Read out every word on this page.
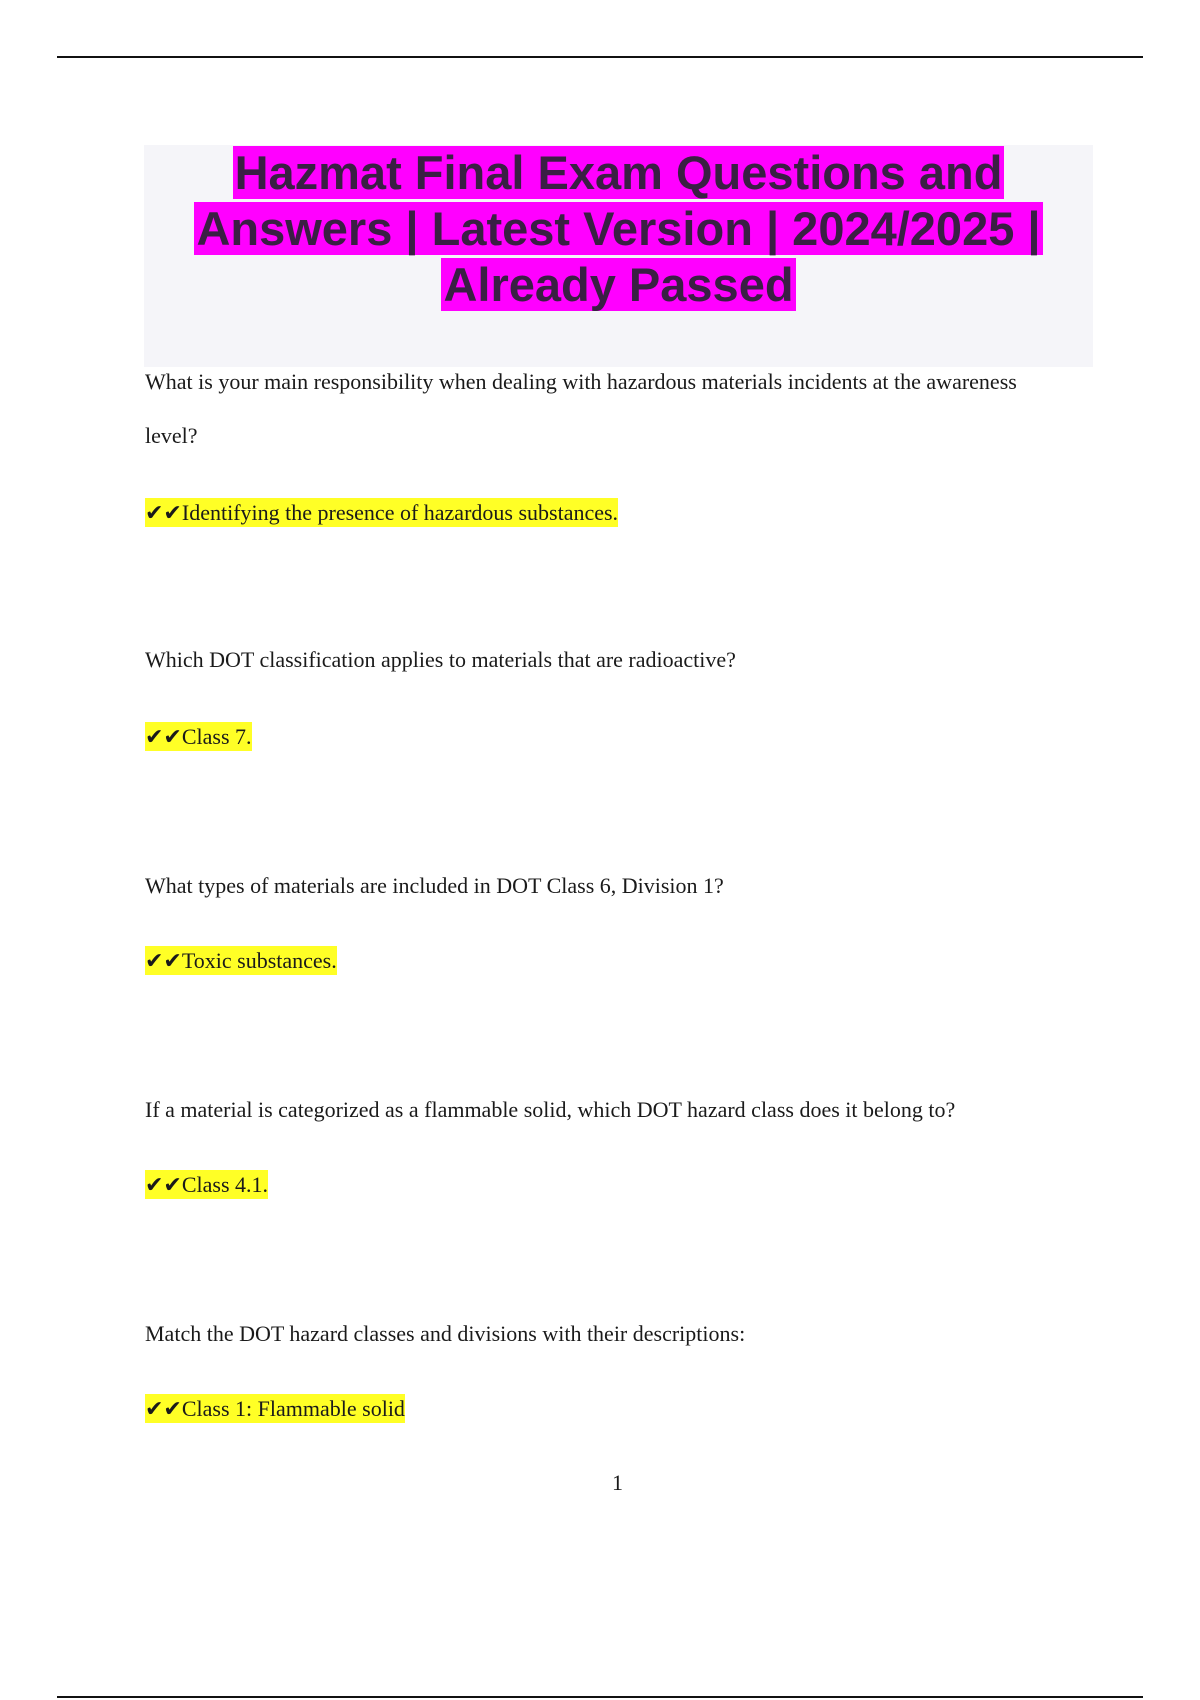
Hazmat Final Exam Questions and Answers | Latest Version | 2024/2025 | Already Passed

What is your main responsibility when dealing with hazardous materials incidents at the awareness level?

✔✔Identifying the presence of hazardous substances.

Which DOT classification applies to materials that are radioactive?

✔✔Class 7.

What types of materials are included in DOT Class 6, Division 1?

✔✔Toxic substances.

If a material is categorized as a flammable solid, which DOT hazard class does it belong to?

✔✔Class 4.1.

Match the DOT hazard classes and divisions with their descriptions:

✔✔Class 1: Flammable solid

1
